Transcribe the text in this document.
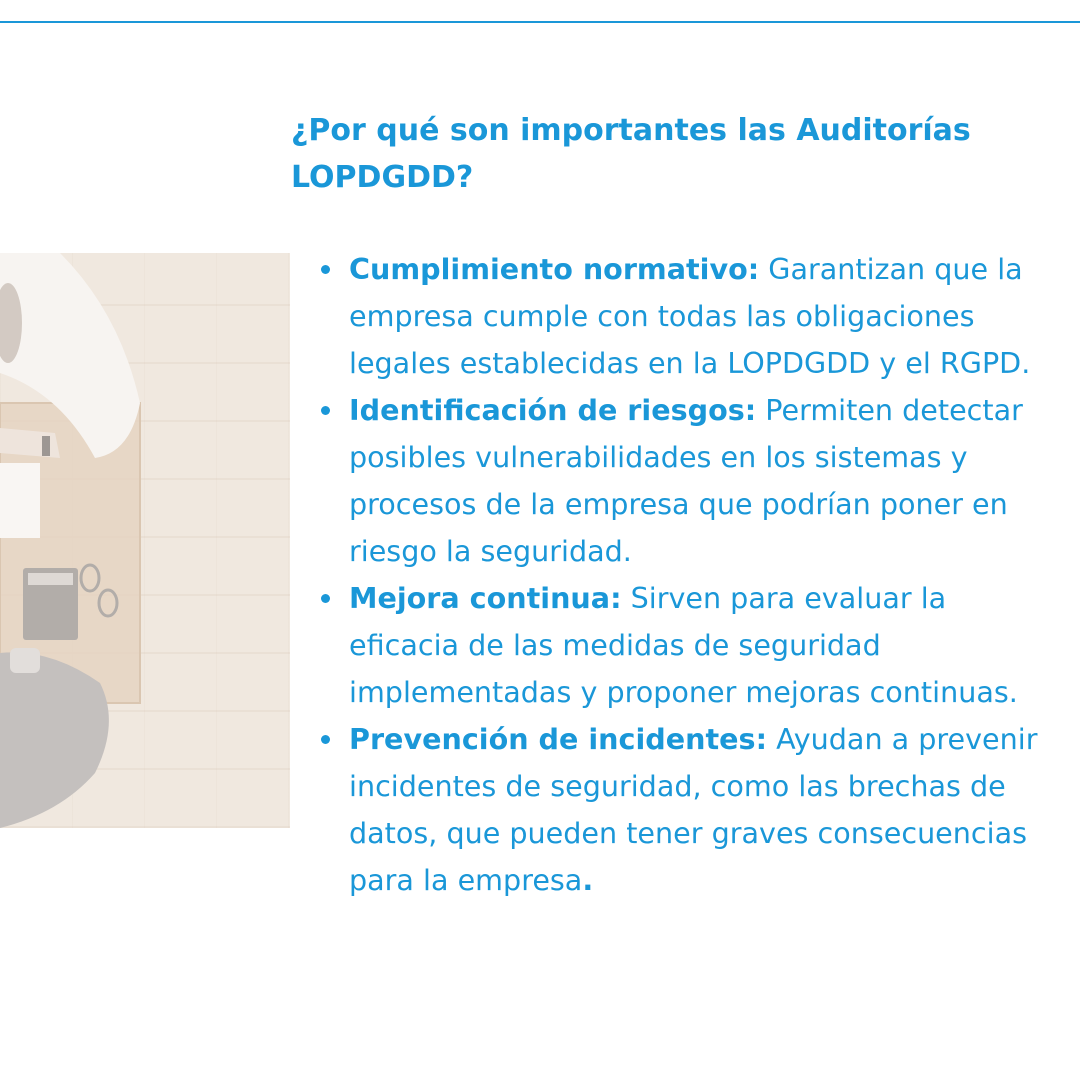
¿Por qué son importantes las Auditorías LOPDGDD?
Cumplimiento normativo: Garantizan que la empresa cumple con todas las obligaciones legales establecidas en la LOPDGDD y el RGPD.
Identificación de riesgos: Permiten detectar posibles vulnerabilidades en los sistemas y procesos de la empresa que podrían poner en riesgo la seguridad.
Mejora continua: Sirven para evaluar la eficacia de las medidas de seguridad implementadas y proponer mejoras continuas.
Prevención de incidentes: Ayudan a prevenir incidentes de seguridad, como las brechas de datos, que pueden tener graves consecuencias para la empresa.
